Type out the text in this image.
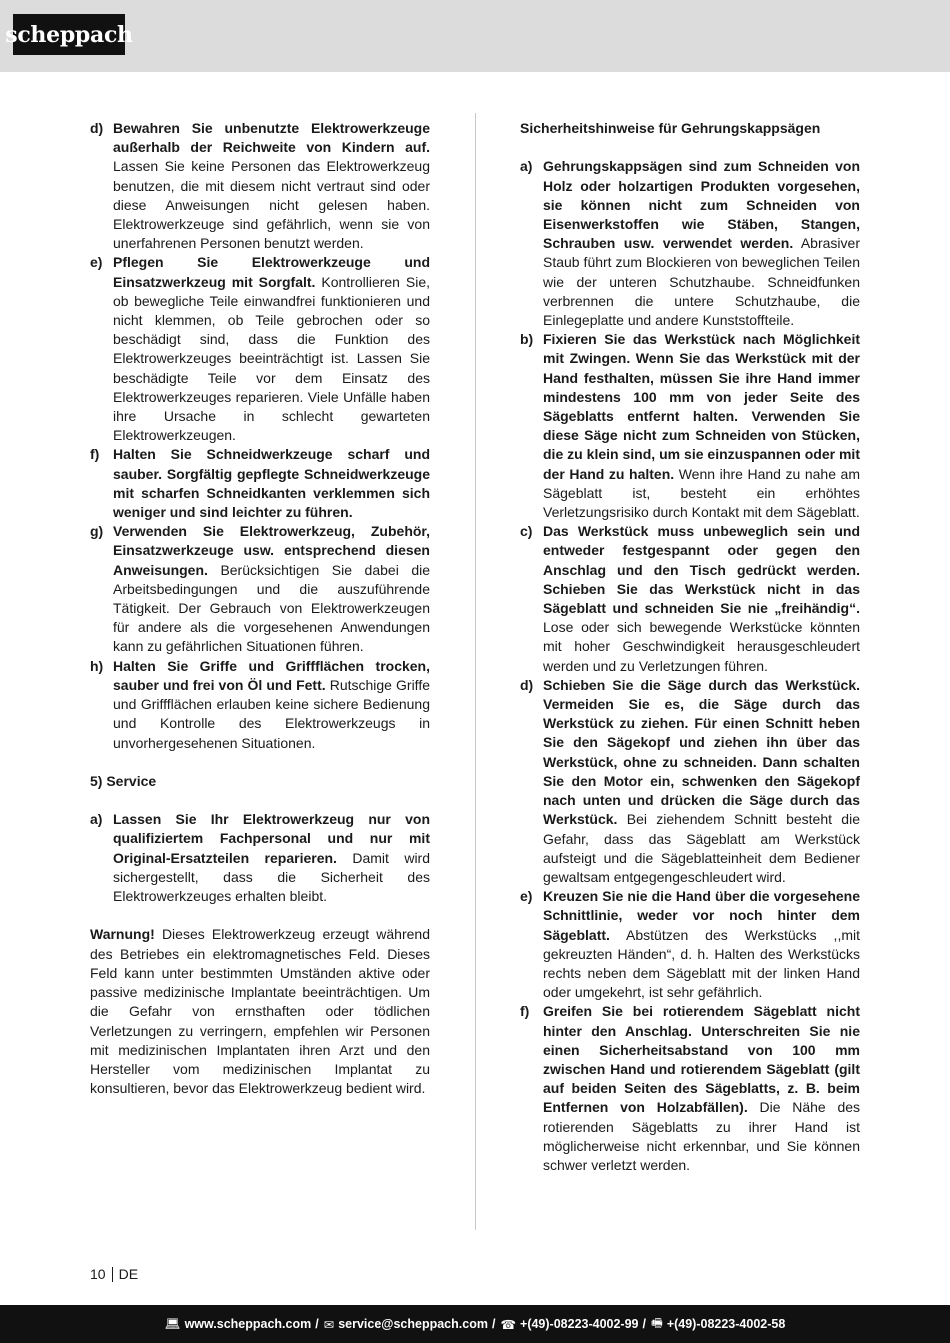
scheppach
d) Bewahren Sie unbenutzte Elektrowerkzeuge außerhalb der Reichweite von Kindern auf. Lassen Sie keine Personen das Elektrowerkzeug benutzen, die mit diesem nicht vertraut sind oder diese Anweisungen nicht gelesen haben. Elektrowerkzeuge sind gefährlich, wenn sie von unerfahrenen Personen benutzt werden.
e) Pflegen Sie Elektrowerkzeuge und Einsatzwerkzeug mit Sorgfalt. Kontrollieren Sie, ob bewegliche Teile einwandfrei funktionieren und nicht klemmen, ob Teile gebrochen oder so beschädigt sind, dass die Funktion des Elektrowerkzeuges beeinträchtigt ist. Lassen Sie beschädigte Teile vor dem Einsatz des Elektrowerkzeuges reparieren. Viele Unfälle haben ihre Ursache in schlecht gewarteten Elektrowerkzeugen.
f) Halten Sie Schneidwerkzeuge scharf und sauber. Sorgfältig gepflegte Schneidwerkzeuge mit scharfen Schneidkanten verklemmen sich weniger und sind leichter zu führen.
g) Verwenden Sie Elektrowerkzeug, Zubehör, Einsatzwerkzeuge usw. entsprechend diesen Anweisungen. Berücksichtigen Sie dabei die Arbeitsbedingungen und die auszuführende Tätigkeit. Der Gebrauch von Elektrowerkzeugen für andere als die vorgesehenen Anwendungen kann zu gefährlichen Situationen führen.
h) Halten Sie Griffe und Griffflächen trocken, sauber und frei von Öl und Fett. Rutschige Griffe und Griffflächen erlauben keine sichere Bedienung und Kontrolle des Elektrowerkzeugs in unvorhergesehenen Situationen.

5) Service

a) Lassen Sie Ihr Elektrowerkzeug nur von qualifiziertem Fachpersonal und nur mit Original-Ersatzteilen reparieren. Damit wird sichergestellt, dass die Sicherheit des Elektrowerkzeuges erhalten bleibt.

Warnung! Dieses Elektrowerkzeug erzeugt während des Betriebes ein elektromagnetisches Feld. Dieses Feld kann unter bestimmten Umständen aktive oder passive medizinische Implantate beeinträchtigen. Um die Gefahr von ernsthaften oder tödlichen Verletzungen zu verringern, empfehlen wir Personen mit medizinischen Implantaten ihren Arzt und den Hersteller vom medizinischen Implantat zu konsultieren, bevor das Elektrowerkzeug bedient wird.

Sicherheitshinweise für Gehrungskappsägen

a) Gehrungskappsägen sind zum Schneiden von Holz oder holzartigen Produkten vorgesehen, sie können nicht zum Schneiden von Eisenwerkstoffen wie Stäben, Stangen, Schrauben usw. verwendet werden. Abrasiver Staub führt zum Blockieren von beweglichen Teilen wie der unteren Schutzhaube. Schneidfunken verbrennen die untere Schutzhaube, die Einlegeplatte und andere Kunststoffteile.
b) Fixieren Sie das Werkstück nach Möglichkeit mit Zwingen. Wenn Sie das Werkstück mit der Hand festhalten, müssen Sie ihre Hand immer mindestens 100 mm von jeder Seite des Sägeblatts entfernt halten. Verwenden Sie diese Säge nicht zum Schneiden von Stücken, die zu klein sind, um sie einzuspannen oder mit der Hand zu halten. Wenn ihre Hand zu nahe am Sägeblatt ist, besteht ein erhöhtes Verletzungsrisiko durch Kontakt mit dem Sägeblatt.
c) Das Werkstück muss unbeweglich sein und entweder festgespannt oder gegen den Anschlag und den Tisch gedrückt werden. Schieben Sie das Werkstück nicht in das Sägeblatt und schneiden Sie nie „freihändig“. Lose oder sich bewegende Werkstücke könnten mit hoher Geschwindigkeit herausgeschleudert werden und zu Verletzungen führen.
d) Schieben Sie die Säge durch das Werkstück. Vermeiden Sie es, die Säge durch das Werkstück zu ziehen. Für einen Schnitt heben Sie den Sägekopf und ziehen ihn über das Werkstück, ohne zu schneiden. Dann schalten Sie den Motor ein, schwenken den Sägekopf nach unten und drücken die Säge durch das Werkstück. Bei ziehendem Schnitt besteht die Gefahr, dass das Sägeblatt am Werkstück aufsteigt und die Sägeblatteinheit dem Bediener gewaltsam entgegengeschleudert wird.
e) Kreuzen Sie nie die Hand über die vorgesehene Schnittlinie, weder vor noch hinter dem Sägeblatt. Abstützen des Werkstücks ,,mit gekreuzten Händen“, d. h. Halten des Werkstücks rechts neben dem Sägeblatt mit der linken Hand oder umgekehrt, ist sehr gefährlich.
f) Greifen Sie bei rotierendem Sägeblatt nicht hinter den Anschlag. Unterschreiten Sie nie einen Sicherheitsabstand von 100 mm zwischen Hand und rotierendem Sägeblatt (gilt auf beiden Seiten des Sägeblatts, z. B. beim Entfernen von Holzabfällen). Die Nähe des rotierenden Sägeblatts zu ihrer Hand ist möglicherweise nicht erkennbar, und Sie können schwer verletzt werden.
10 DE
💻︎ www.scheppach.com / ✉︎ service@scheppach.com / ☎︎ +(49)-08223-4002-99 / 🖷︎ +(49)-08223-4002-58
